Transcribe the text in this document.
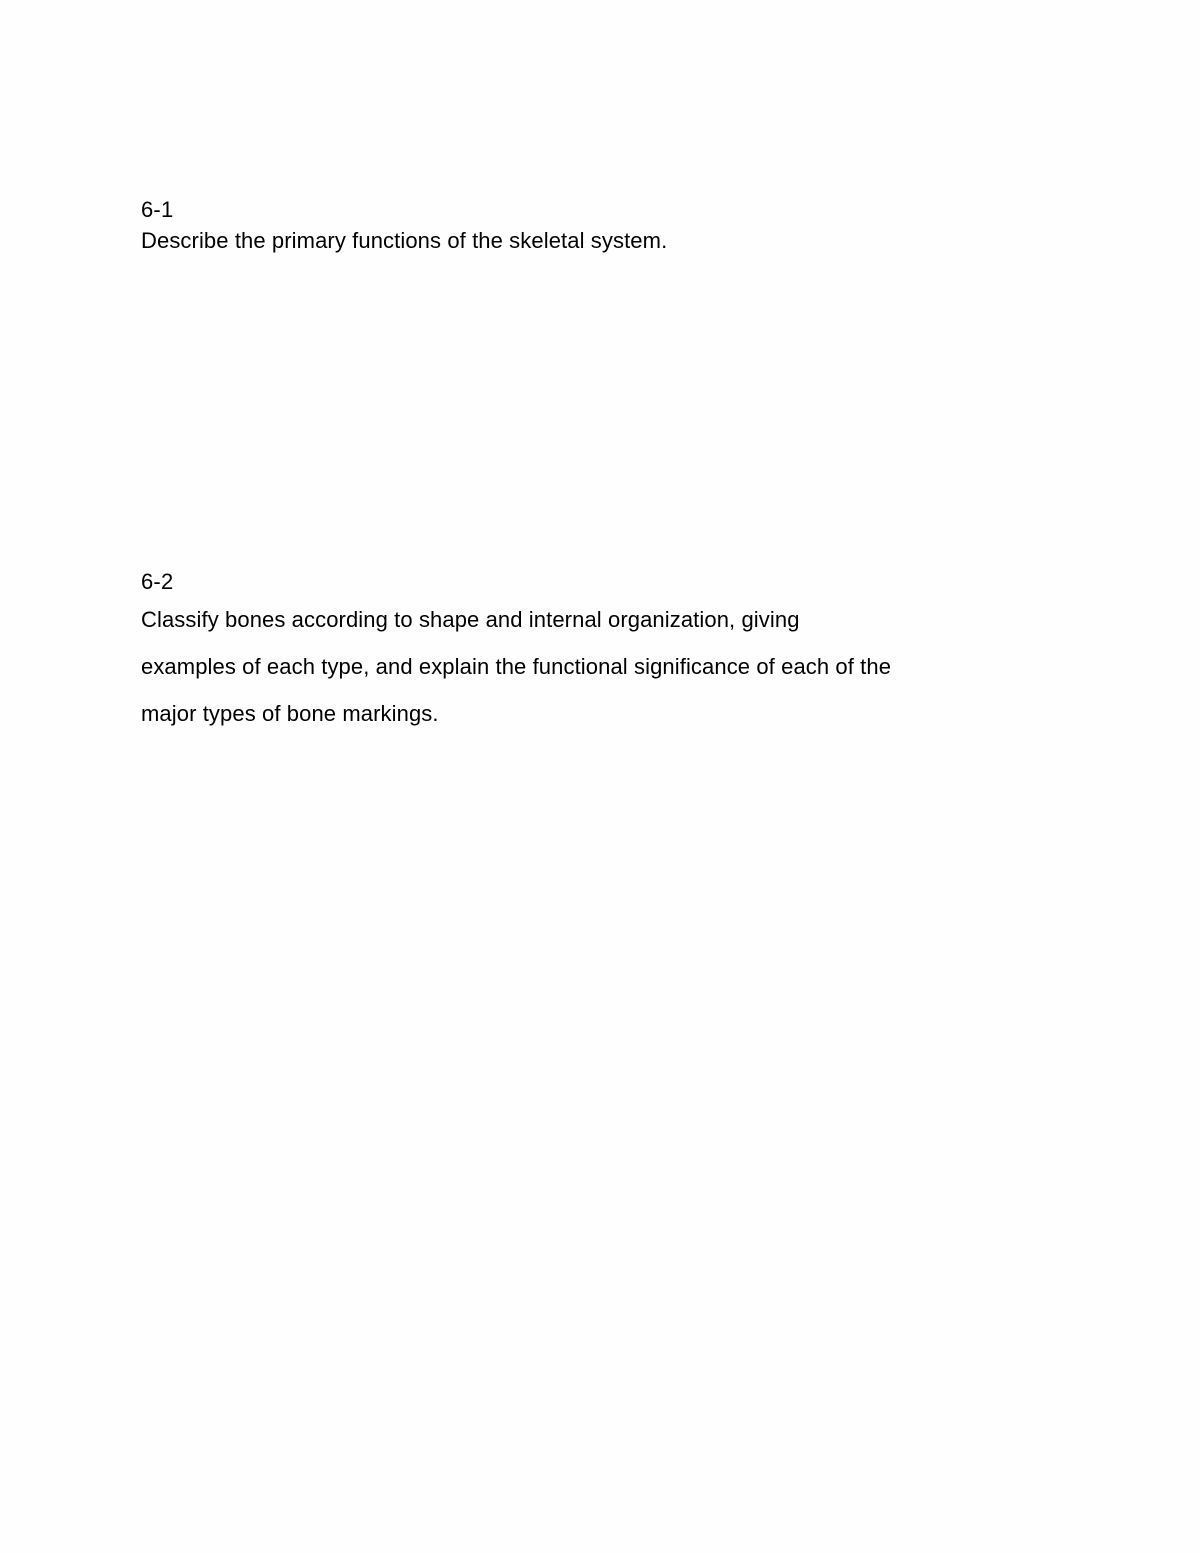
6-1

Describe the primary functions of the skeletal system.

6-2

Classify bones according to shape and internal organization, giving

examples of each type, and explain the functional significance of each of the

major types of bone markings.
